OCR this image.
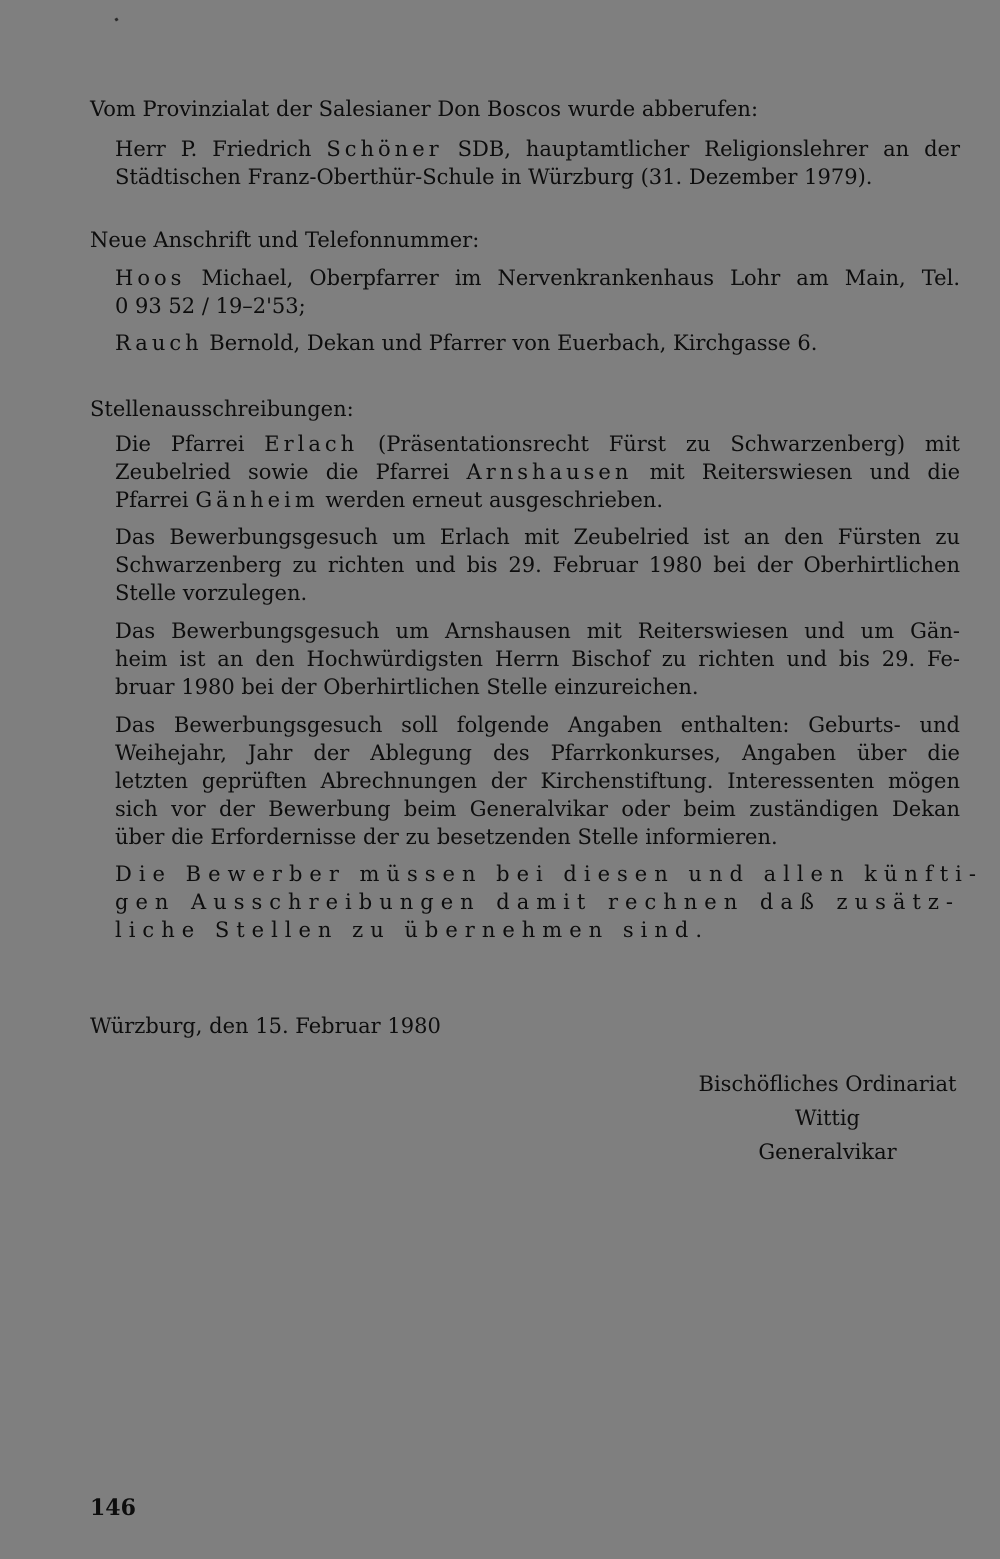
Vom Provinzialat der Salesianer Don Boscos wurde abberufen:

Herr P. Friedrich Schöner SDB, hauptamtlicher Religionslehrer an der
Städtischen Franz-Oberthür-Schule in Würzburg (31. Dezember 1979).

Neue Anschrift und Telefonnummer:

Hoos Michael, Oberpfarrer im Nervenkrankenhaus Lohr am Main, Tel.
0 93 52 / 19–2'53;

Rauch Bernold, Dekan und Pfarrer von Euerbach, Kirchgasse 6.

Stellenausschreibungen:

Die Pfarrei Erlach (Präsentationsrecht Fürst zu Schwarzenberg) mit
Zeubelried sowie die Pfarrei Arnshausen mit Reiterswiesen und die
Pfarrei Gänheim werden erneut ausgeschrieben.

Das Bewerbungsgesuch um Erlach mit Zeubelried ist an den Fürsten zu
Schwarzenberg zu richten und bis 29. Februar 1980 bei der Oberhirtlichen
Stelle vorzulegen.

Das Bewerbungsgesuch um Arnshausen mit Reiterswiesen und um Gän-
heim ist an den Hochwürdigsten Herrn Bischof zu richten und bis 29. Fe-
bruar 1980 bei der Oberhirtlichen Stelle einzureichen.

Das Bewerbungsgesuch soll folgende Angaben enthalten: Geburts- und
Weihejahr, Jahr der Ablegung des Pfarrkonkurses, Angaben über die
letzten geprüften Abrechnungen der Kirchenstiftung. Interessenten mögen
sich vor der Bewerbung beim Generalvikar oder beim zuständigen Dekan
über die Erfordernisse der zu besetzenden Stelle informieren.

Die Bewerber müssen bei diesen und allen künfti-
gen Ausschreibungen damit rechnen daß zusätz-
liche Stellen zu übernehmen sind.

Würzburg, den 15. Februar 1980
Bischöfliches Ordinariat
Wittig
Generalvikar
146
